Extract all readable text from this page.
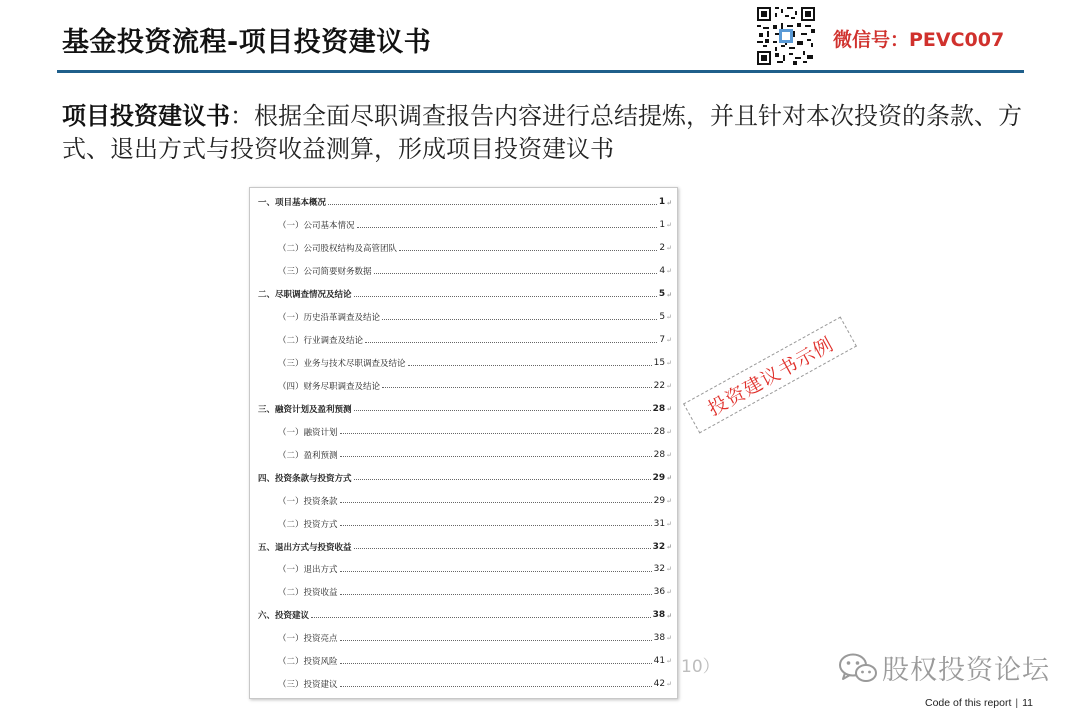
基金投资流程-项目投资建议书	微信号：PEVC007
项目投资建议书：根据全面尽职调查报告内容进行总结提炼，并且针对本次投资的条款、方式、退出方式与投资收益测算，形成项目投资建议书
一、项目基本概况	1 ↵
（一）公司基本情况	1 ↵
（二）公司股权结构及高管团队	2 ↵
（三）公司简要财务数据	4 ↵
二、尽职调查情况及结论	5 ↵
（一）历史沿革调查及结论	5 ↵
（二）行业调查及结论	7 ↵
（三）业务与技术尽职调查及结论	15 ↵
（四）财务尽职调查及结论	22 ↵
三、融资计划及盈利预测	28 ↵
（一）融资计划	28 ↵
（二）盈利预测	28 ↵
四、投资条款与投资方式	29 ↵
（一）投资条款	29 ↵
（二）投资方式	31 ↵
五、退出方式与投资收益	32 ↵
（一）退出方式	32 ↵
（二）投资收益	36 ↵
六、投资建议	38 ↵
（一）投资亮点	38 ↵
（二）投资风险	41 ↵
（三）投资建议	42 ↵
投资建议书示例
10）	股权投资论坛
Code of this report | 11
